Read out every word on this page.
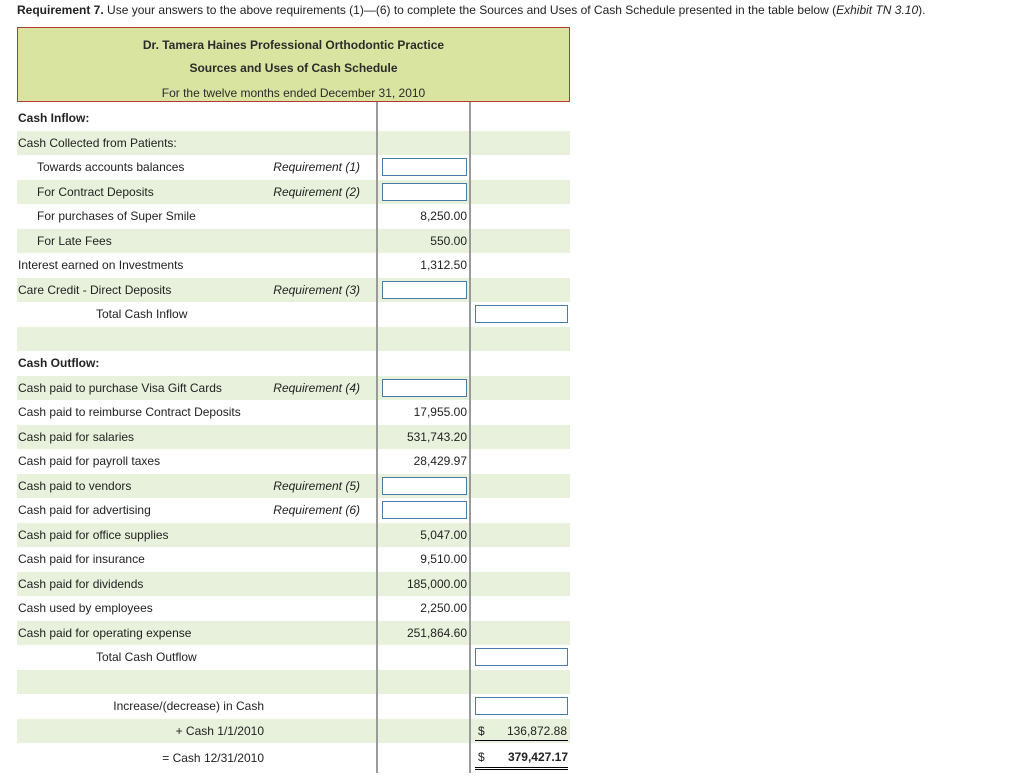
Requirement 7. Use your answers to the above requirements (1)—(6) to complete the Sources and Uses of Cash Schedule presented in the table below (Exhibit TN 3.10).
Dr. Tamera Haines Professional Orthodontic Practice
Sources and Uses of Cash Schedule
For the twelve months ended December 31, 2010
Cash Inflow:
Cash Collected from Patients:
Towards accounts balances	Requirement (1)
For Contract Deposits	Requirement (2)
For purchases of Super Smile	8,250.00
For Late Fees	550.00
Interest earned on Investments	1,312.50
Care Credit - Direct Deposits	Requirement (3)
Total Cash Inflow
Cash Outflow:
Cash paid to purchase Visa Gift Cards	Requirement (4)
Cash paid to reimburse Contract Deposits	17,955.00
Cash paid for salaries	531,743.20
Cash paid for payroll taxes	28,429.97
Cash paid to vendors	Requirement (5)
Cash paid for advertising	Requirement (6)
Cash paid for office supplies	5,047.00
Cash paid for insurance	9,510.00
Cash paid for dividends	185,000.00
Cash used by employees	2,250.00
Cash paid for operating expense	251,864.60
Total Cash Outflow
Increase/(decrease) in Cash
+ Cash 1/1/2010	$ 136,872.88
= Cash 12/31/2010	$ 379,427.17
